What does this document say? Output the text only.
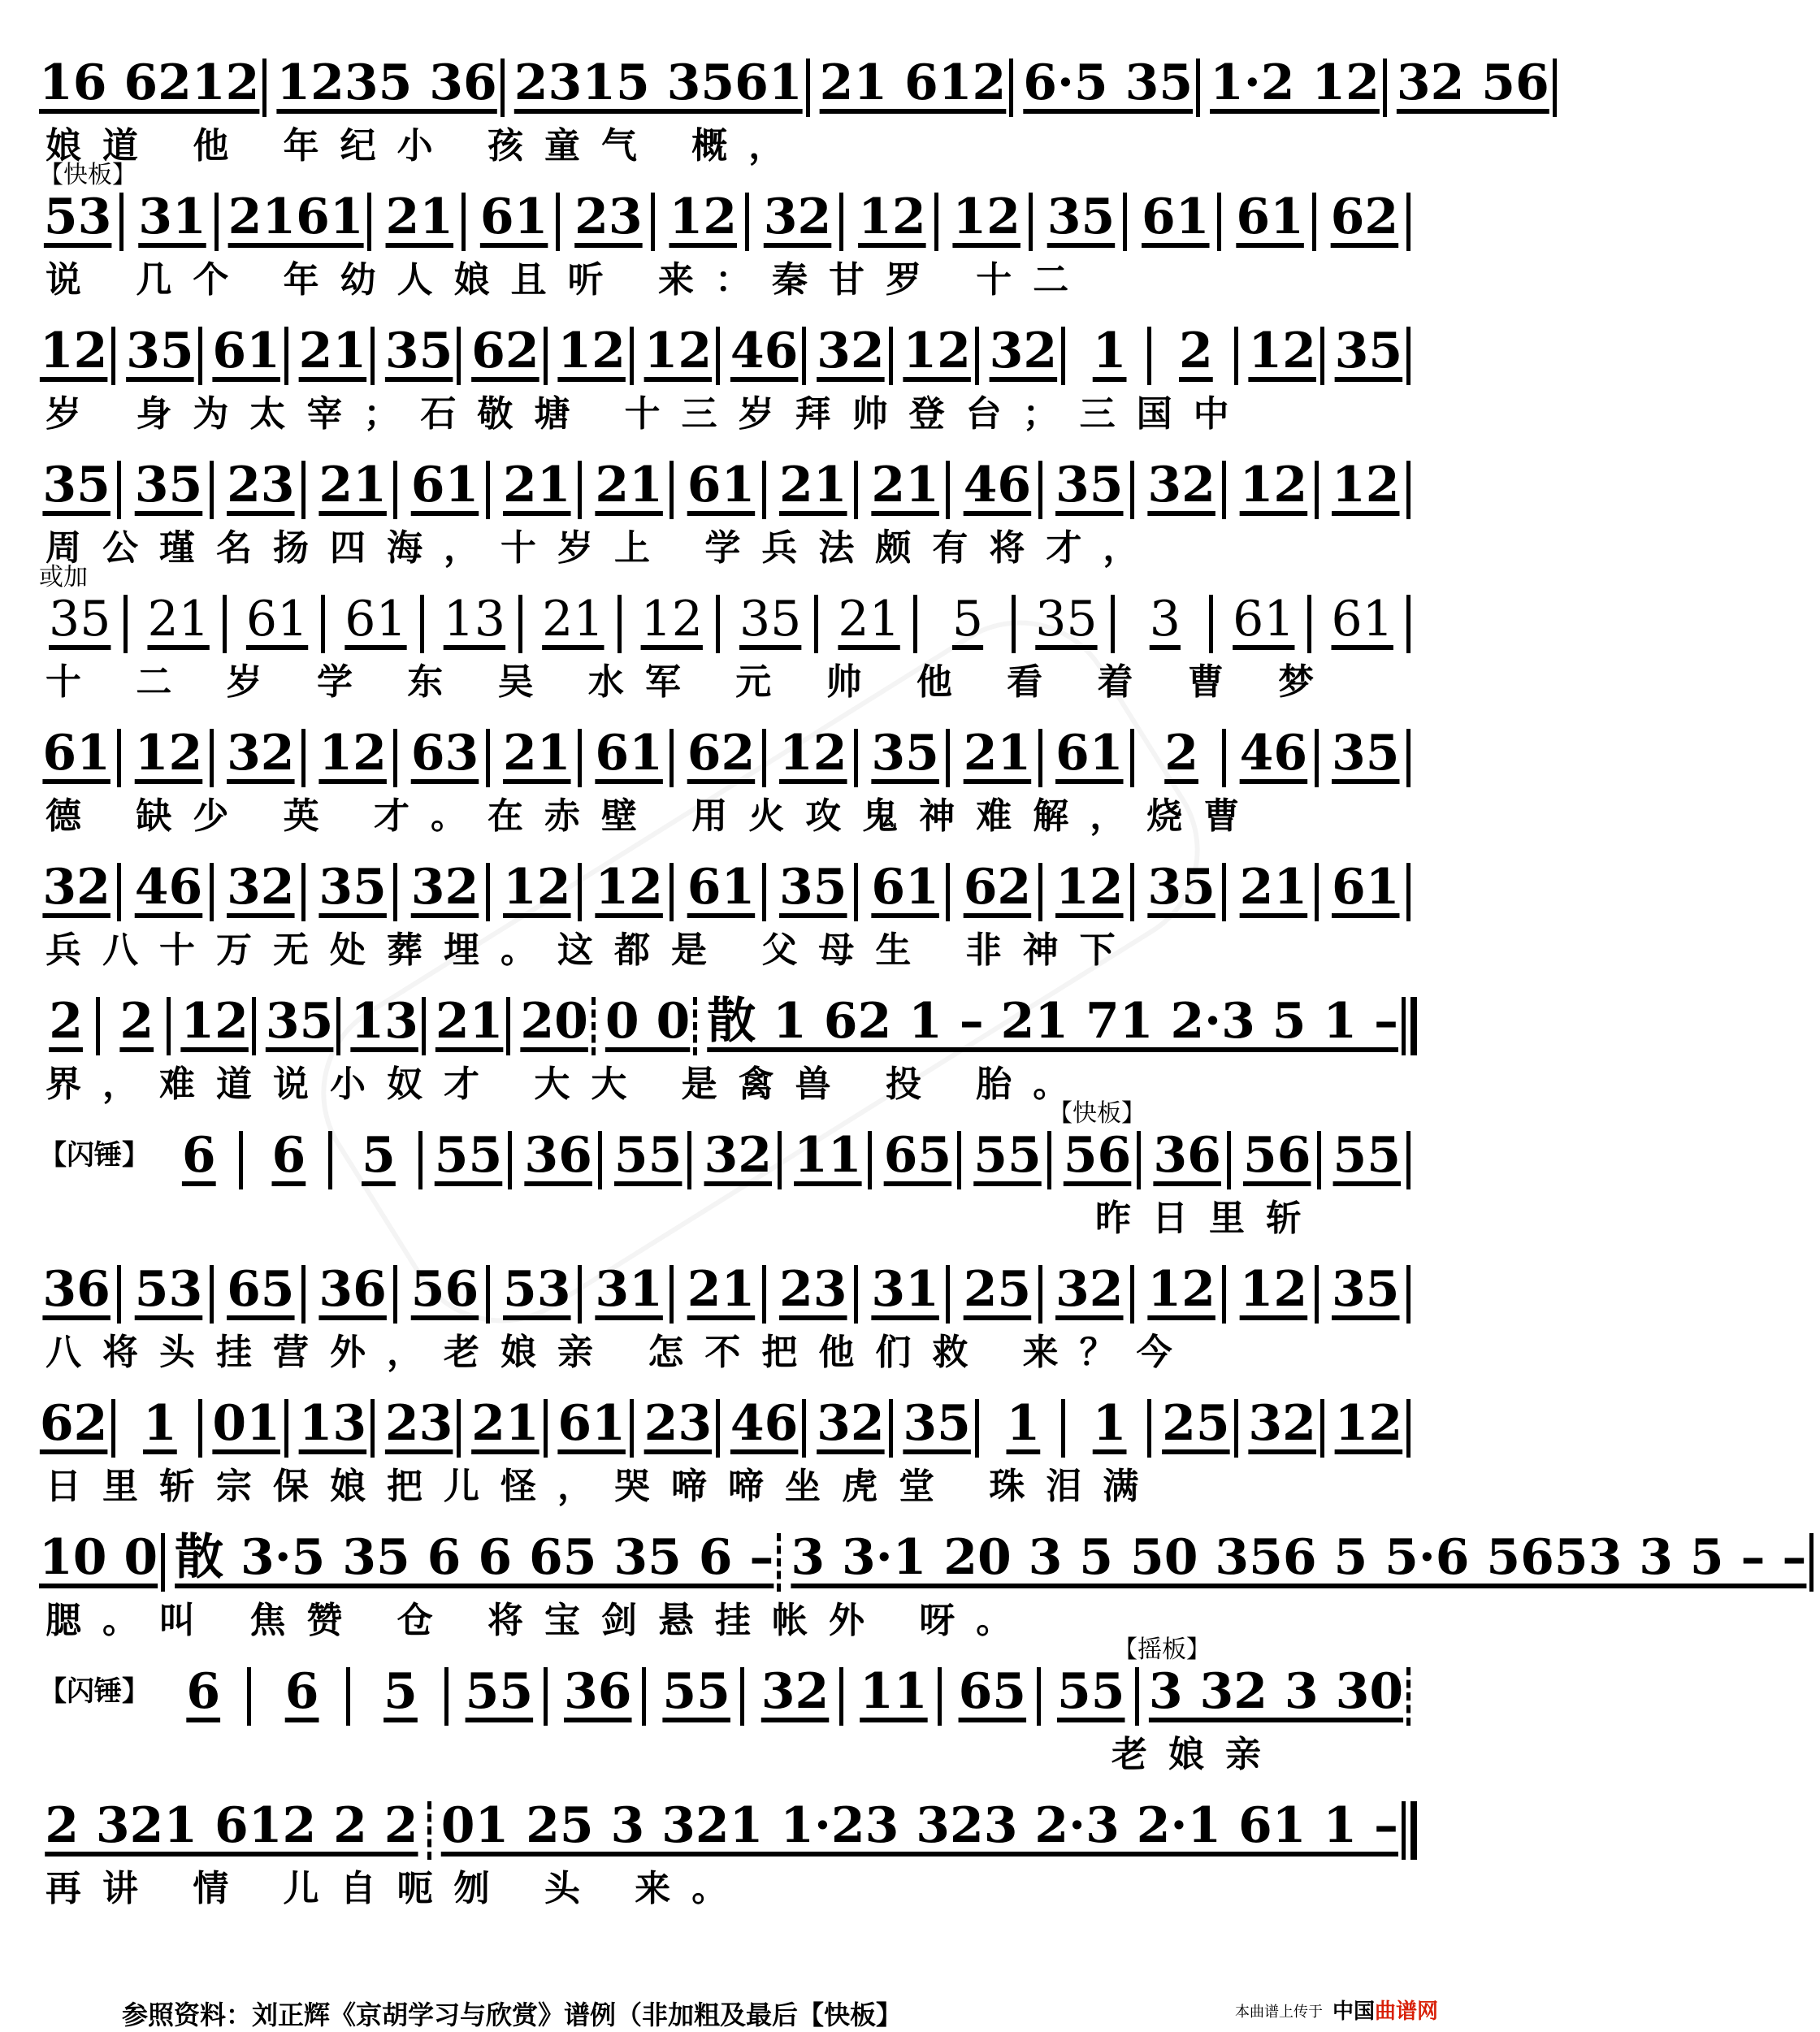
16 6212 1235 36 2315 3561 21 612 6·5 35 1·2 12 32 56
娘道 他 年纪小 孩童气 概，
【快板】
53 31 2161 21 61 23 12 32 12 12 35 61 61 62
说 几个 年幼人娘且听 来：秦甘罗 十二
12 35 61 21 35 62 12 12 46 32 12 32 1	2 12 35
岁 身为太宰；石敬塘 十三岁拜帅登台；三国中
35 35 23 21 61 21 21 61 21 21 46 35 32 12 12
周公瑾名扬四海，十岁上 学兵法颇有将才，
或加
35 21 61 61 13 21 12 35 21	5	35	3	61 61
十 二 岁 学 东 吴 水军 元 帅 他 看 着 曹 梦
61 12 32 12 63 21 61 62 12 35 21 61 2 46 35
德 缺少 英 才。在赤壁 用火攻鬼神难解，烧曹
32 46 32 35 32 12 12 61 35 61 62 12 35 21 61
兵八十万无处葬埋。这都是 父母生 非神下
2 2 12 35 13 21 20 0 0 散 1 62 1 – 21 71 2·3 5 1 –
界，难道说小奴才 大大 是禽兽 投 胎。
【快板】
【闪锤】 6	6	5 55 36 55 32 11 65 55 56 36 56 55
昨日里斩
36 53 65 36 56 53 31 21 23 31 25 32 12 12 35
八将头挂营外，老娘亲 怎不把他们救 来？今
62 1 01 13 23 21 61 23 46 32 35 1	1 25 32 12
日里斩宗保娘把儿怪，哭啼啼坐虎堂 珠泪满
10 0 散 3·5 35 6 6 65 35 6 – 3 3·1 20 3 5 50 356 5 5·6 5653 3 5 – –
腮。叫 焦赞 仓 将宝剑悬挂帐外 呀。
【摇板】
【闪锤】 6	6	5 55 36 55 32 11 65 55 3 32 3 30
老娘亲
2 321 612 2 2 01 25 3 321 1·23 323 2·3 2·1 61 1 –
再讲 情 儿自呃刎 头 来。
参照资料：刘正辉《京胡学习与欣赏》谱例（非加粗及最后【快板】	本曲谱上传于 中国曲谱网
